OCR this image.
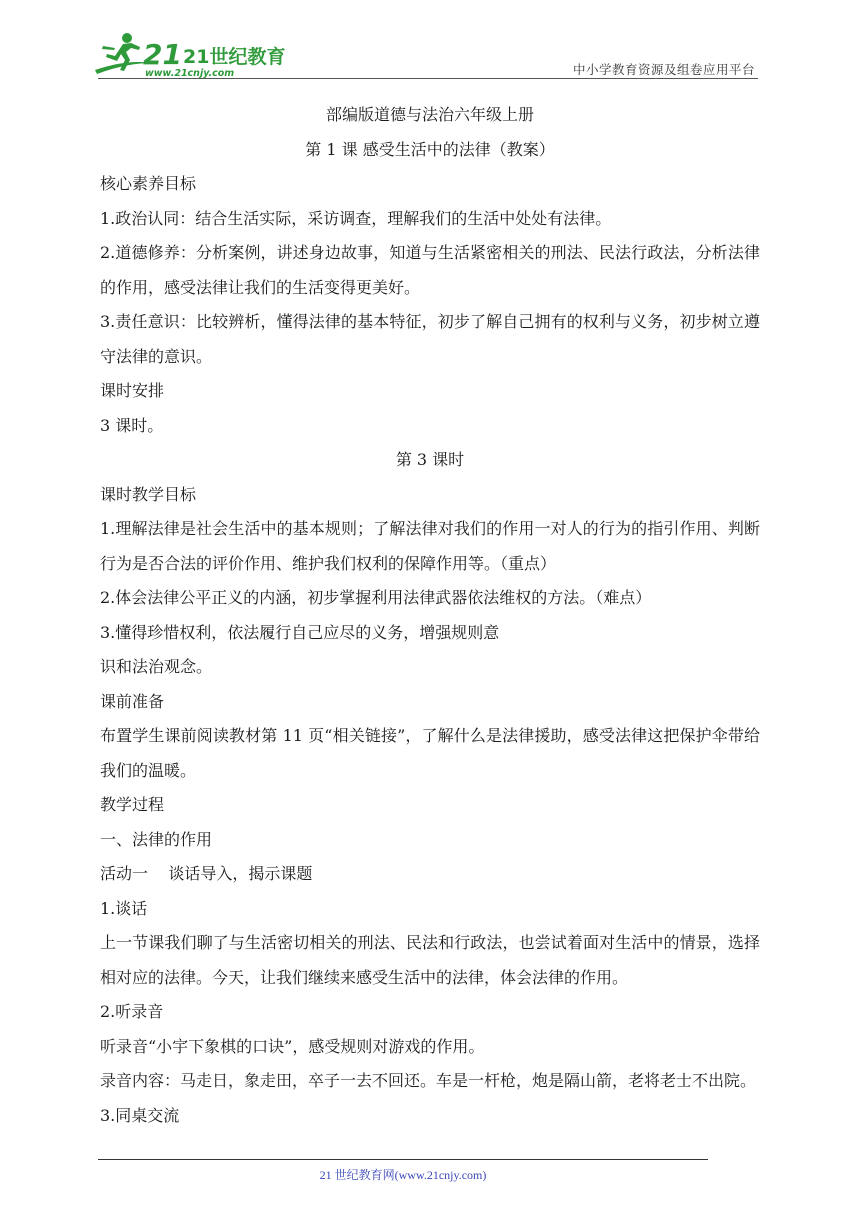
21 21世纪教育
www.21cnjy.com	中小学教育资源及组卷应用平台

部编版道德与法治六年级上册

第 1 课 感受生活中的法律（教案）

核心素养目标

1.政治认同：结合生活实际，采访调查，理解我们的生活中处处有法律。

2.道德修养：分析案例，讲述身边故事，知道与生活紧密相关的刑法、民法行政法，分析法律的作用，感受法律让我们的生活变得更美好。

3.责任意识：比较辨析，懂得法律的基本特征，初步了解自己拥有的权利与义务，初步树立遵守法律的意识。

课时安排

3 课时。

第 3 课时

课时教学目标

1.理解法律是社会生活中的基本规则；了解法律对我们的作用一对人的行为的指引作用、判断行为是否合法的评价作用、维护我们权利的保障作用等。（重点）

2.体会法律公平正义的内涵，初步掌握利用法律武器依法维权的方法。（难点）

3.懂得珍惜权利，依法履行自己应尽的义务，增强规则意

识和法治观念。

课前准备

布置学生课前阅读教材第 11 页“相关链接”，了解什么是法律援助，感受法律这把保护伞带给我们的温暖。

教学过程

一、法律的作用

活动一    谈话导入，揭示课题

1.谈话

上一节课我们聊了与生活密切相关的刑法、民法和行政法，也尝试着面对生活中的情景，选择相对应的法律。今天，让我们继续来感受生活中的法律，体会法律的作用。

2.听录音

听录音“小宇下象棋的口诀”，感受规则对游戏的作用。

录音内容：马走日，象走田，卒子一去不回还。车是一杆枪，炮是隔山箭，老将老士不出院。

3.同桌交流

21 世纪教育网(www.21cnjy.com)
